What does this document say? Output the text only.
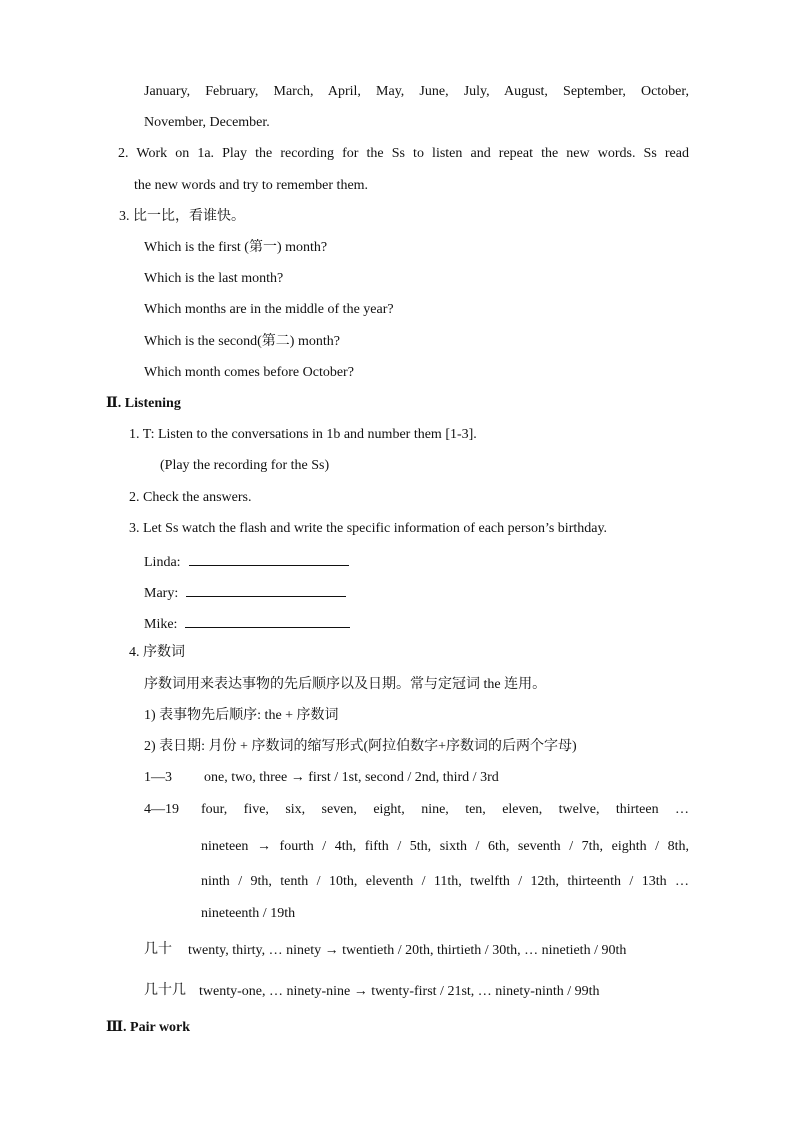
January, February, March, April, May, June, July, August, September, October,
November, December.
2. Work on 1a. Play the recording for the Ss to listen and repeat the new words. Ss read
the new words and try to remember them.
3. 比一比，看谁快。
Which is the first (第一) month?
Which is the last month?
Which months are in the middle of the year?
Which is the second(第二) month?
Which month comes before October?
Ⅱ. Listening
1. T: Listen to the conversations in 1b and number them [1-3].
(Play the recording for the Ss)
2. Check the answers.
3. Let Ss watch the flash and write the specific information of each person’s birthday.
Linda:
Mary:
Mike:
4. 序数词
序数词用来表达事物的先后顺序以及日期。常与定冠词 the 连用。
1) 表事物先后顺序: the + 序数词
2) 表日期: 月份 + 序数词的缩写形式(阿拉伯数字+序数词的后两个字母)
1—3 one, two, three → first / 1st, second / 2nd, third / 3rd
4—19 four, five, six, seven, eight, nine, ten, eleven, twelve, thirteen …
nineteen → fourth / 4th, fifth / 5th, sixth / 6th, seventh / 7th, eighth / 8th,
ninth / 9th, tenth / 10th, eleventh / 11th, twelfth / 12th, thirteenth / 13th …
nineteenth / 19th
几十 twenty, thirty, … ninety → twentieth / 20th, thirtieth / 30th, … ninetieth / 90th
几十几 twenty-one, … ninety-nine → twenty-first / 21st, … ninety-ninth / 99th
Ⅲ. Pair work
